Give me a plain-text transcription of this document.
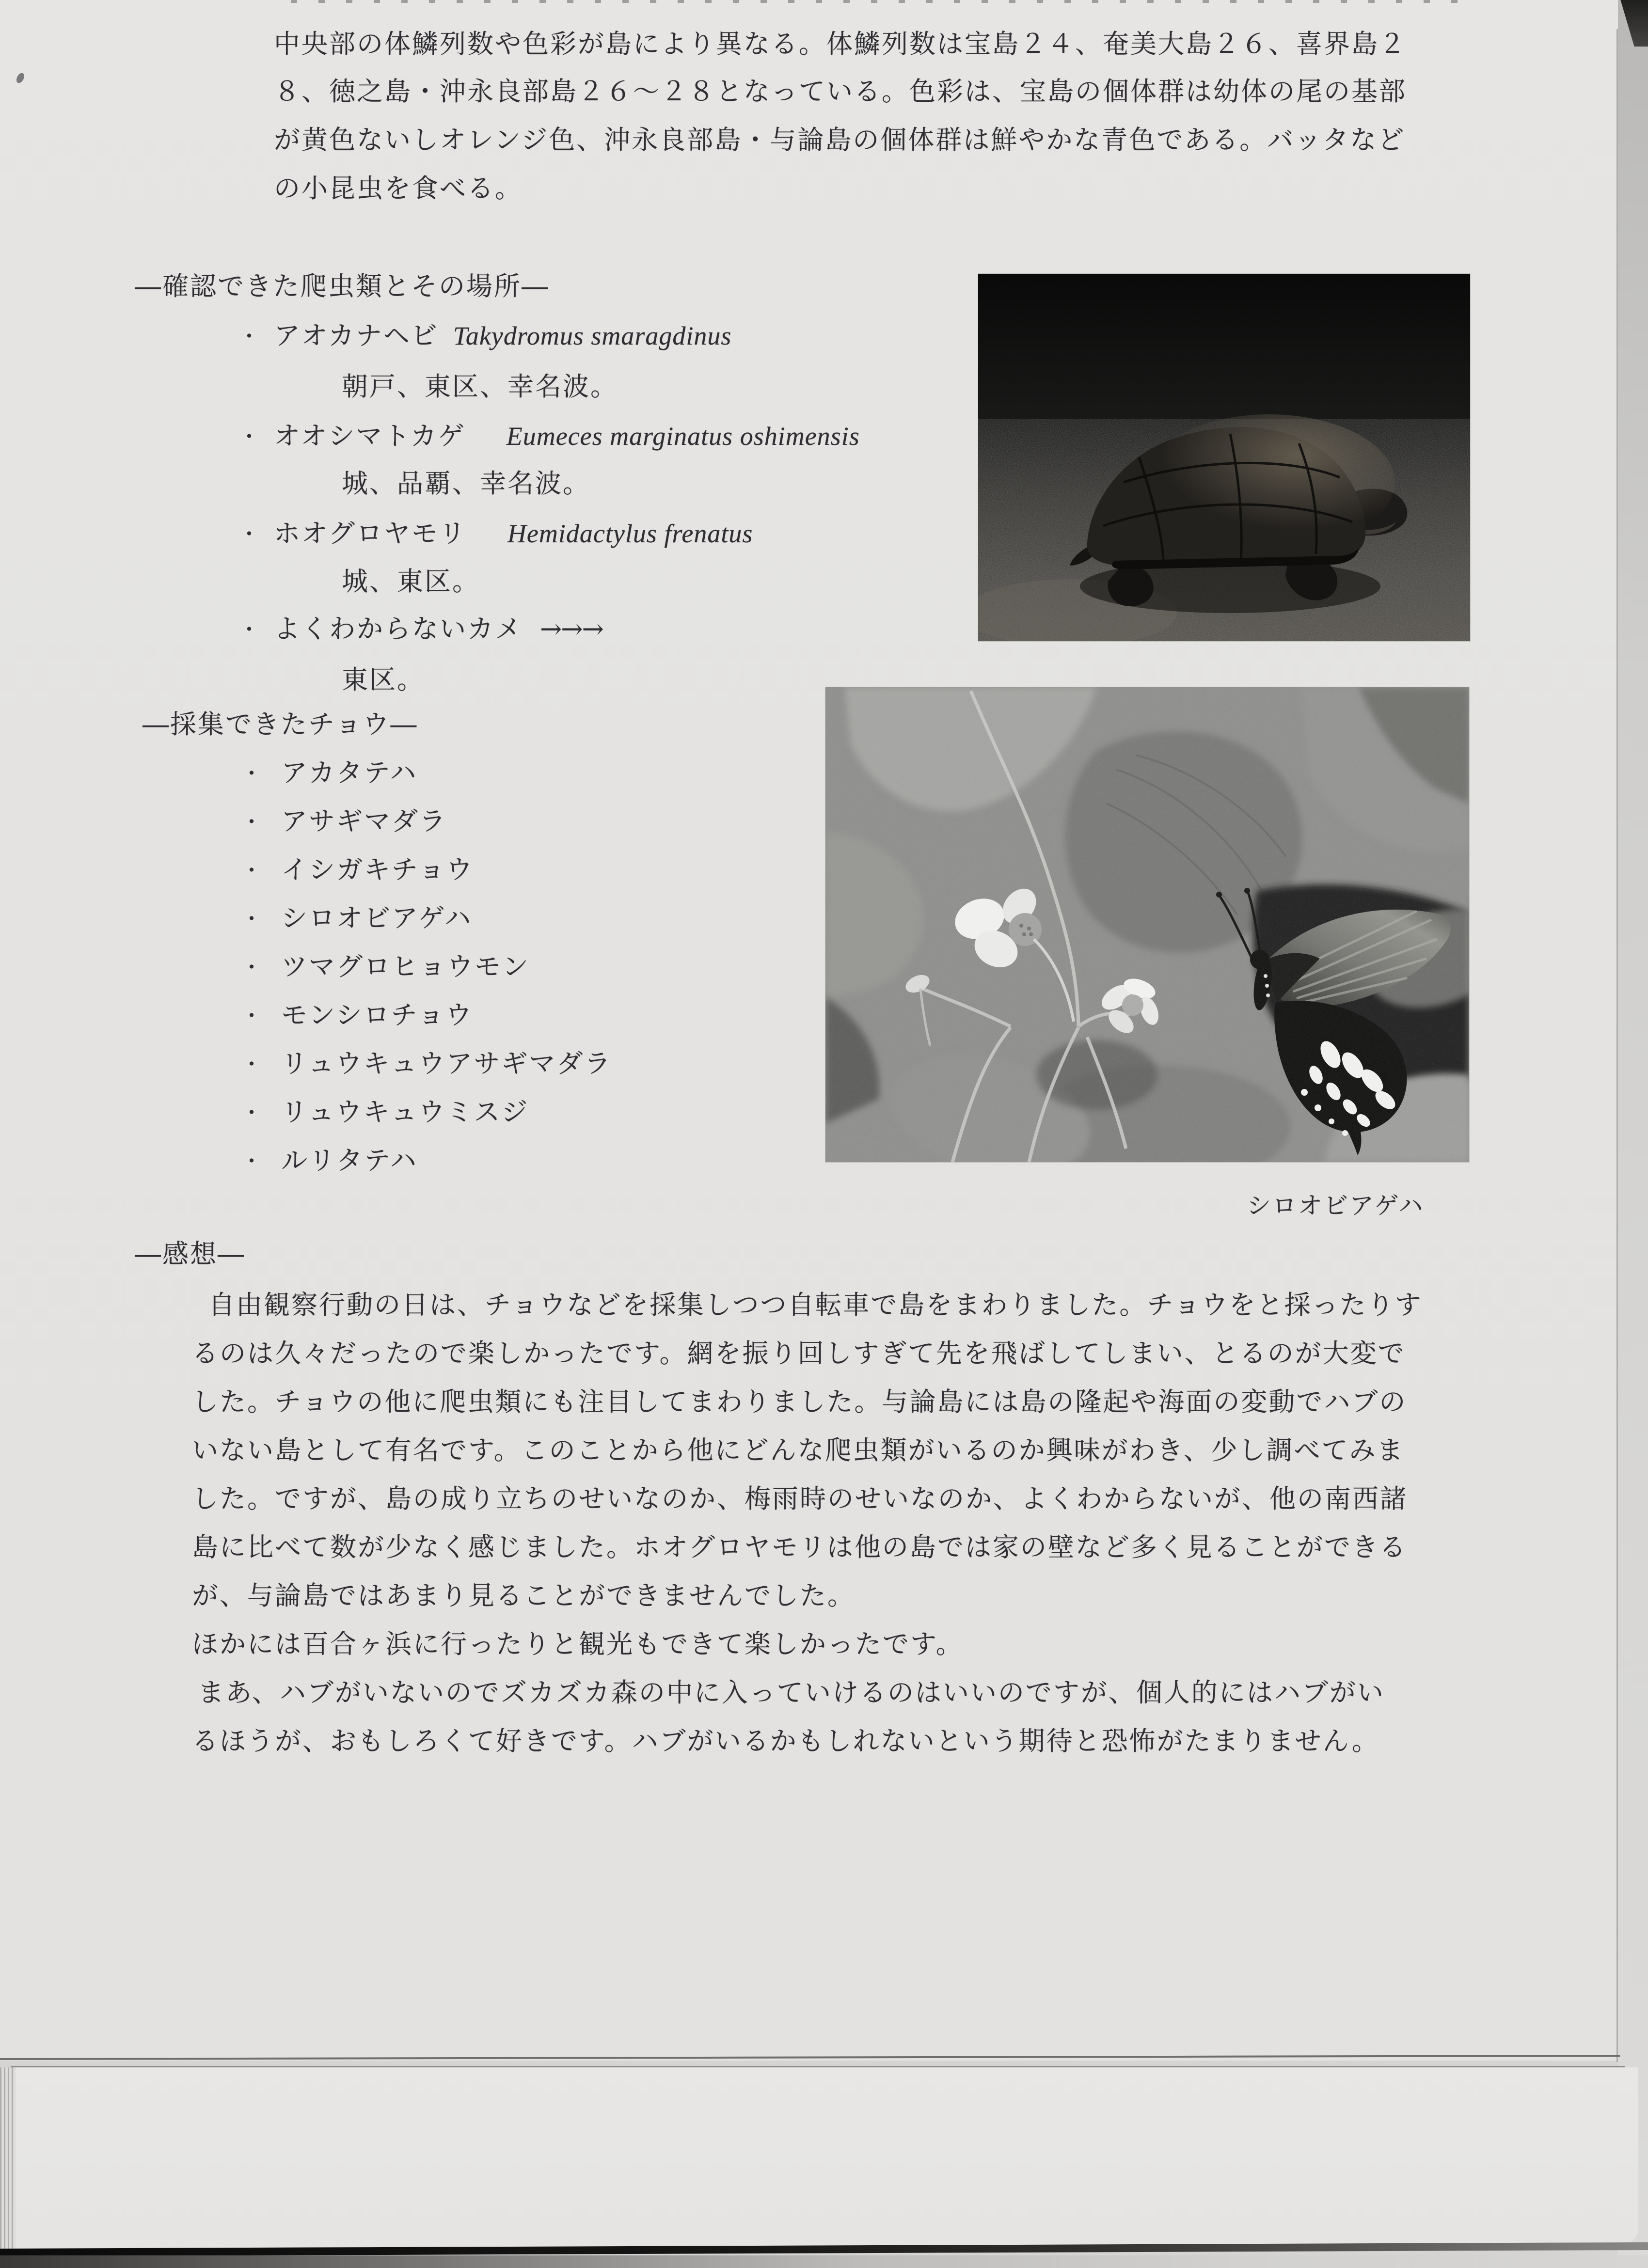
中央部の体鱗列数や色彩が島により異なる。体鱗列数は宝島２４、奄美大島２６、喜界島２
８、徳之島・沖永良部島２６～２８となっている。色彩は、宝島の個体群は幼体の尾の基部
が黄色ないしオレンジ色、沖永良部島・与論島の個体群は鮮やかな青色である。バッタなど
の小昆虫を食べる。
―確認できた爬虫類とその場所―
・ アオカナヘビ Takydromus smaragdinus
朝戸、東区、幸名波。
・ オオシマトカゲ Eumeces marginatus oshimensis
城、品覇、幸名波。
・ ホオグロヤモリ Hemidactylus frenatus
城、東区。
・ よくわからないカメ →→→
東区。
―採集できたチョウ―
・ アカタテハ
・ アサギマダラ
・ イシガキチョウ
・ シロオビアゲハ
・ ツマグロヒョウモン
・ モンシロチョウ
・ リュウキュウアサギマダラ
・ リュウキュウミスジ
・ ルリタテハ
シロオビアゲハ
―感想―
自由観察行動の日は、チョウなどを採集しつつ自転車で島をまわりました。チョウをと採ったりす
るのは久々だったので楽しかったです。網を振り回しすぎて先を飛ばしてしまい、とるのが大変で
した。チョウの他に爬虫類にも注目してまわりました。与論島には島の隆起や海面の変動でハブの
いない島として有名です。このことから他にどんな爬虫類がいるのか興味がわき、少し調べてみま
した。ですが、島の成り立ちのせいなのか、梅雨時のせいなのか、よくわからないが、他の南西諸
島に比べて数が少なく感じました。ホオグロヤモリは他の島では家の壁など多く見ることができる
が、与論島ではあまり見ることができませんでした。
ほかには百合ヶ浜に行ったりと観光もできて楽しかったです。
まあ、ハブがいないのでズカズカ森の中に入っていけるのはいいのですが、個人的にはハブがい
るほうが、おもしろくて好きです。ハブがいるかもしれないという期待と恐怖がたまりません。
